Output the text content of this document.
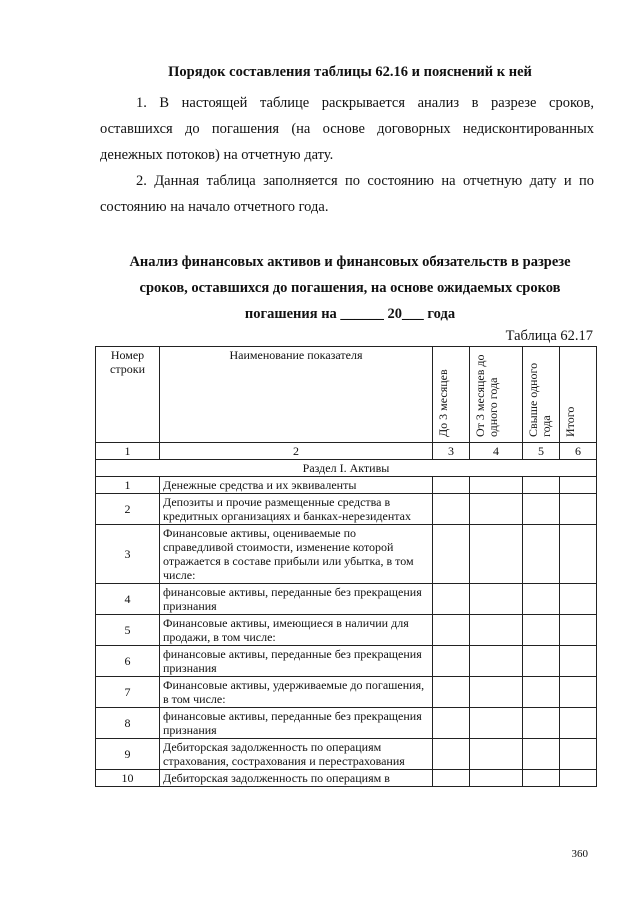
Порядок составления таблицы 62.16 и пояснений к ней
1. В настоящей таблице раскрывается анализ в разрезе сроков,
оставшихся до погашения (на основе договорных недисконтированных
денежных потоков) на отчетную дату.
2. Данная таблица заполняется по состоянию на отчетную дату и по
состоянию на начало отчетного года.
Анализ финансовых активов и финансовых обязательств в разрезе
сроков, оставшихся до погашения, на основе ожидаемых сроков
погашения на ______ 20___ года
Таблица 62.17
Номер строки	Наименование показателя	До 3 месяцев	От 3 месяцев до одного года	Свыше одного года	Итого
1	2	3	4	5	6
Раздел I. Активы					
1	Денежные средства и их эквиваленты				
2	Депозиты и прочие размещенные средства в кредитных организациях и банках-нерезидентах				
3	Финансовые активы, оцениваемые по справедливой стоимости, изменение которой отражается в составе прибыли или убытка, в том числе:				
4	финансовые активы, переданные без прекращения признания				
5	Финансовые активы, имеющиеся в наличии для продажи, в том числе:				
6	финансовые активы, переданные без прекращения признания				
7	Финансовые активы, удерживаемые до погашения, в том числе:				
8	финансовые активы, переданные без прекращения признания				
9	Дебиторская задолженность по операциям страхования, сострахования и перестрахования				
10	Дебиторская задолженность по операциям в				
360
